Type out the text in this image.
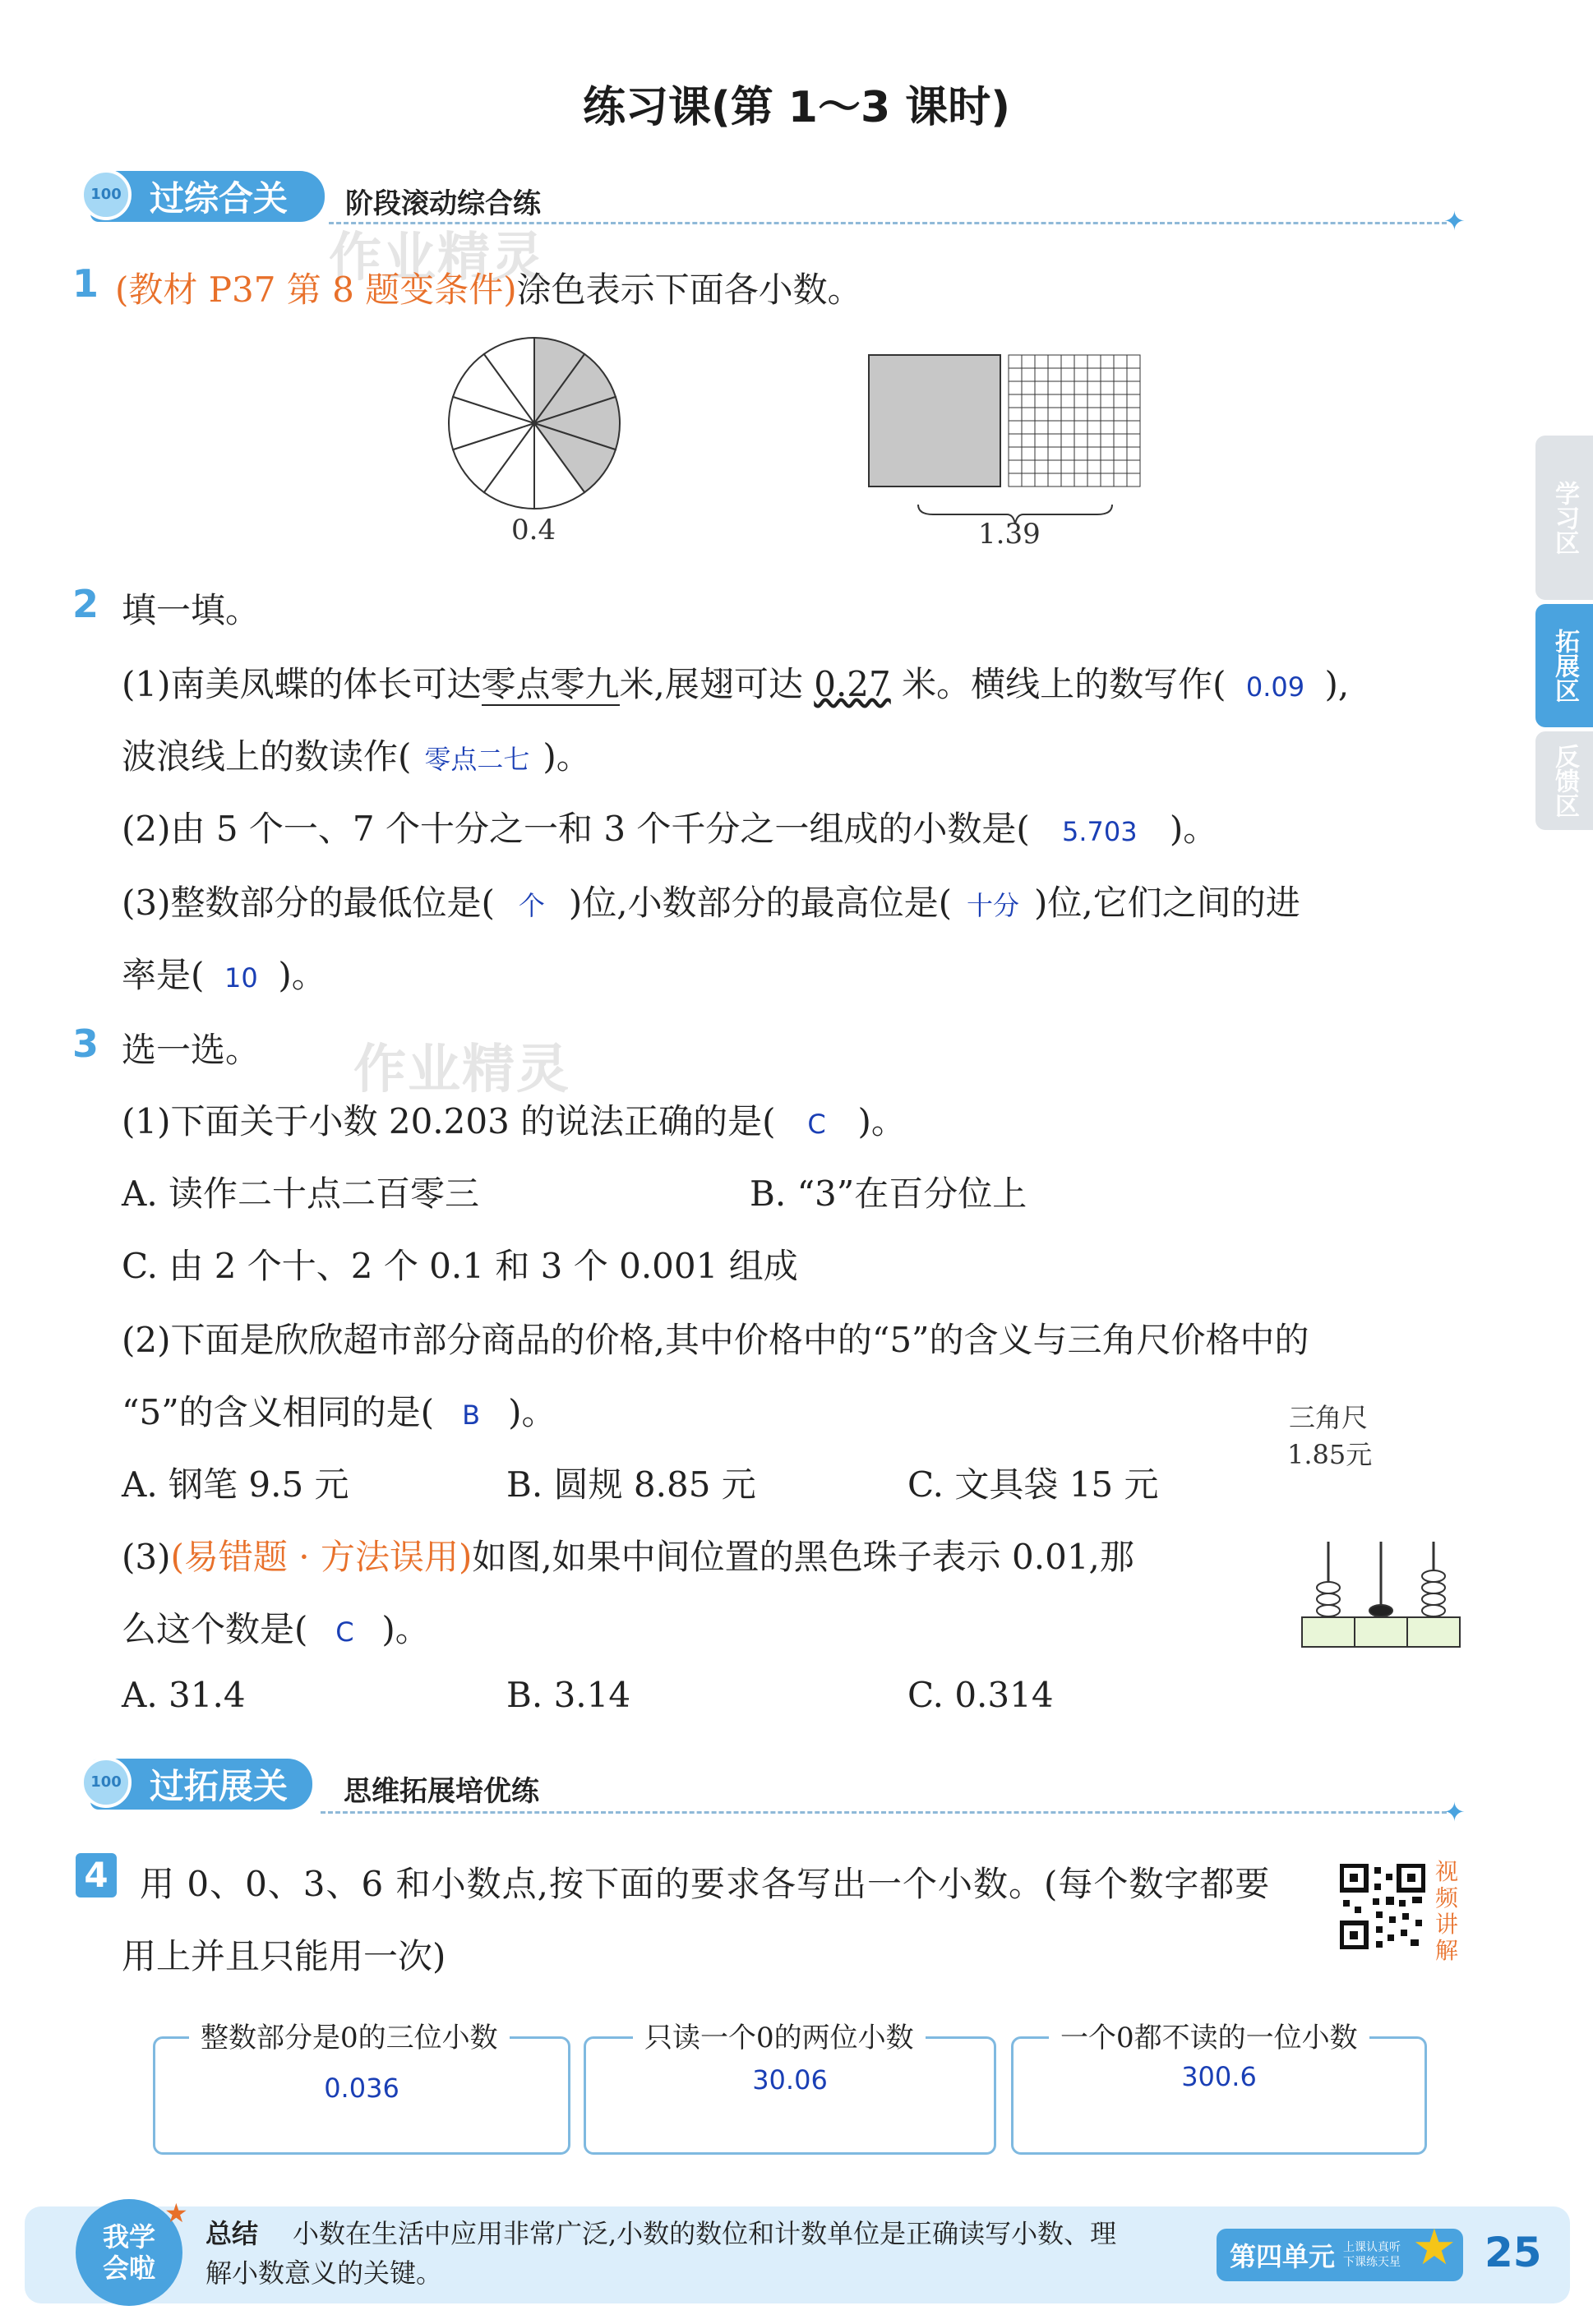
练习课(第 1～3 课时)
学习区
拓展区
反馈区
过综合关
100	阶段滚动综合练
✦
作业精灵
作业精灵
1 (教材 P37 第 8 题变条件)涂色表示下面各小数。
0.4	1.39
2 填一填。
(1)南美凤蝶的体长可达零点零九米,展翅可达 0.27 米。横线上的数写作( 0.09 ),
波浪线上的数读作( 零点二七 )。
(2)由 5 个一、7 个十分之一和 3 个千分之一组成的小数是( 5.703 )。
(3)整数部分的最低位是( 个 )位,小数部分的最高位是( 十分 )位,它们之间的进
率是( 10 )。
3 选一选。
(1)下面关于小数 20.203 的说法正确的是( C )。
A. 读作二十点二百零三	B. “3”在百分位上
C. 由 2 个十、2 个 0.1 和 3 个 0.001 组成
(2)下面是欣欣超市部分商品的价格,其中价格中的“5”的含义与三角尺价格中的
“5”的含义相同的是( B )。	三角尺
1.85元
A. 钢笔 9.5 元	B. 圆规 8.85 元	C. 文具袋 15 元
(3)(易错题 · 方法误用)如图,如果中间位置的黑色珠子表示 0.01,那
么这个数是( C )。
A. 31.4	B. 3.14	C. 0.314
过拓展关
100	思维拓展培优练
✦
4 用 0、0、3、6 和小数点,按下面的要求各写出一个小数。(每个数字都要
用上并且只能用一次)
视频讲解
整数部分是0的三位小数
0.036
只读一个0的两位小数
30.06
一个0都不读的一位小数
300.6
我学会啦
★
总结 小数在生活中应用非常广泛,小数的数位和计数单位是正确读写小数、理
解小数意义的关键。
第四单元 上课认真听
下课练天星 ★ 25
